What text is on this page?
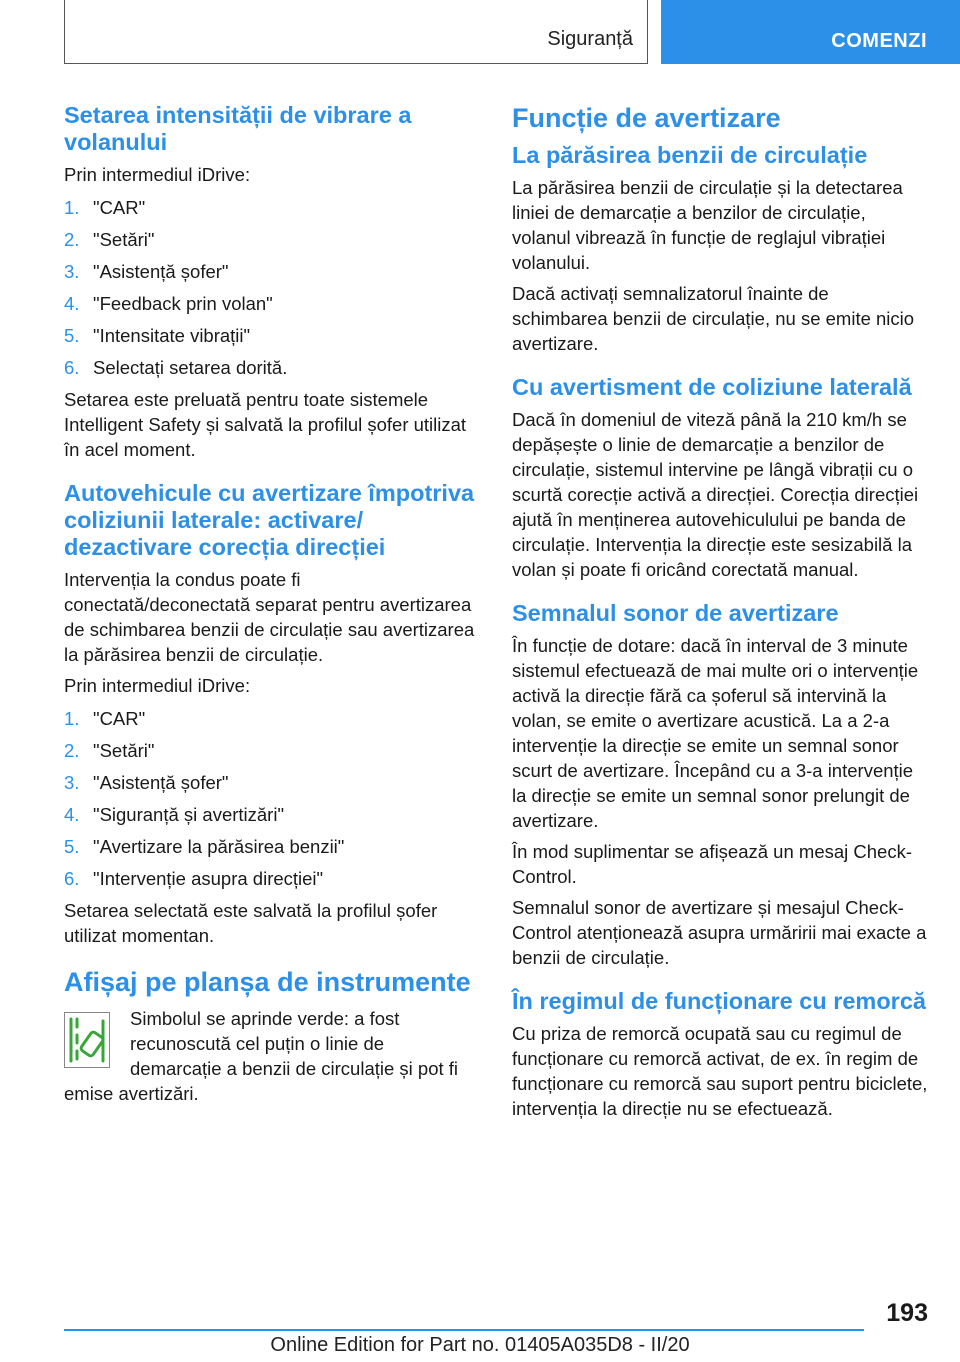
Siguranță	COMENZI
Setarea intensității de vibrare a volanului

Prin intermediul iDrive:

1. "CAR"
2. "Setări"
3. "Asistență șofer"
4. "Feedback prin volan"
5. "Intensitate vibrații"
6. Selectați setarea dorită.

Setarea este preluată pentru toate sistemele Intelligent Safety și salvată la profilul șofer utilizat în acel moment.

Autovehicule cu avertizare împotriva coliziunii laterale: activare/ dezactivare corecția direcției

Intervenția la condus poate fi conectată/deconectată separat pentru avertizarea de schimbarea benzii de circulație sau avertizarea la părăsirea benzii de circulație.

Prin intermediul iDrive:

1. "CAR"
2. "Setări"
3. "Asistență șofer"
4. "Siguranță și avertizări"
5. "Avertizare la părăsirea benzii"
6. "Intervenție asupra direcției"

Setarea selectată este salvată la profilul șofer utilizat momentan.

Afișaj pe planșa de instrumente

Simbolul se aprinde verde: a fost recunoscută cel puțin o linie de demarcație a benzii de circulație și pot fi emise avertizări.

Funcție de avertizare
La părăsirea benzii de circulație

La părăsirea benzii de circulație și la detectarea liniei de demarcație a benzilor de circulație, volanul vibrează în funcție de reglajul vibrației volanului.

Dacă activați semnalizatorul înainte de schimbarea benzii de circulație, nu se emite nicio avertizare.

Cu avertisment de coliziune laterală

Dacă în domeniul de viteză până la 210 km/h se depășește o linie de demarcație a benzilor de circulație, sistemul intervine pe lângă vibrații cu o scurtă corecție activă a direcției. Corecția direcției ajută în menținerea autovehiculului pe banda de circulație. Intervenția la direcție este sesizabilă la volan și poate fi oricând corectată manual.

Semnalul sonor de avertizare

În funcție de dotare: dacă în interval de 3 minute sistemul efectuează de mai multe ori o intervenție activă la direcție fără ca șoferul să intervină la volan, se emite o avertizare acustică. La a 2-a intervenție la direcție se emite un semnal sonor scurt de avertizare. Începând cu a 3-a intervenție la direcție se emite un semnal sonor prelungit de avertizare.

În mod suplimentar se afișează un mesaj Check-Control.

Semnalul sonor de avertizare și mesajul Check-Control atenționează asupra urmăririi mai exacte a benzii de circulație.

În regimul de funcționare cu remorcă

Cu priza de remorcă ocupată sau cu regimul de funcționare cu remorcă activat, de ex. în regim de funcționare cu remorcă sau suport pentru biciclete, intervenția la direcție nu se efectuează.

193
Online Edition for Part no. 01405A035D8 - II/20
